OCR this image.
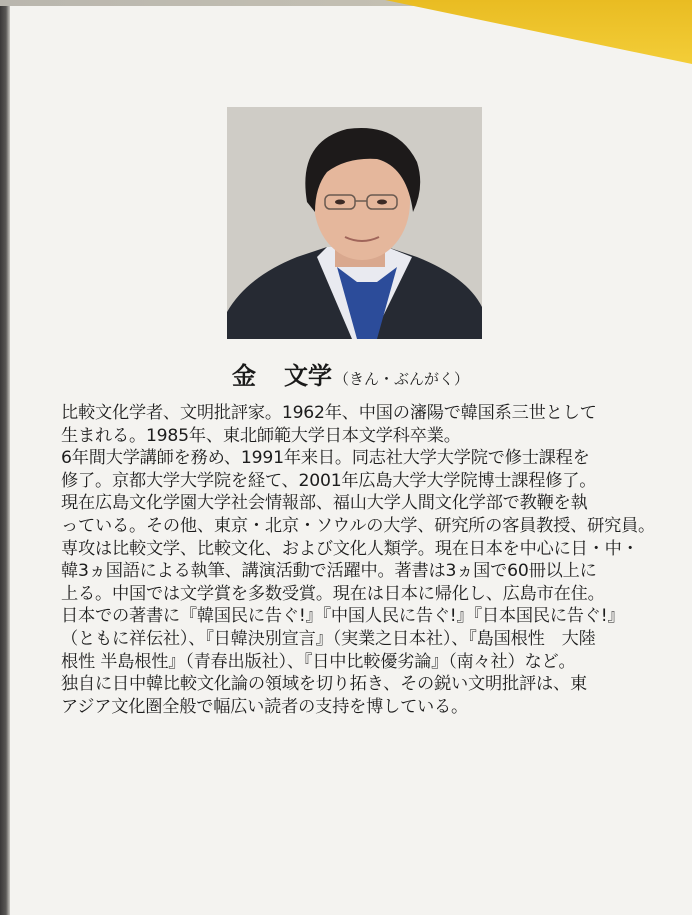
金 文学 （きん・ぶんがく）
比較文化学者、文明批評家。1962年、中国の瀋陽で韓国系三世として
生まれる。1985年、東北師範大学日本文学科卒業。
6年間大学講師を務め、1991年来日。同志社大学大学院で修士課程を
修了。京都大学大学院を経て、2001年広島大学大学院博士課程修了。
現在広島文化学園大学社会情報部、福山大学人間文化学部で教鞭を執
っている。その他、東京・北京・ソウルの大学、研究所の客員教授、研究員。
専攻は比較文学、比較文化、および文化人類学。現在日本を中心に日・中・
韓3ヵ国語による執筆、講演活動で活躍中。著書は3ヵ国で60冊以上に
上る。中国では文学賞を多数受賞。現在は日本に帰化し、広島市在住。
日本での著書に『韓国民に告ぐ!』『中国人民に告ぐ!』『日本国民に告ぐ!』
（ともに祥伝社）、『日韓決別宣言』（実業之日本社）、『島国根性　大陸
根性 半島根性』（青春出版社）、『日中比較優劣論』（南々社）など。
独自に日中韓比較文化論の領域を切り拓き、その鋭い文明批評は、東
アジア文化圏全般で幅広い読者の支持を博している。
